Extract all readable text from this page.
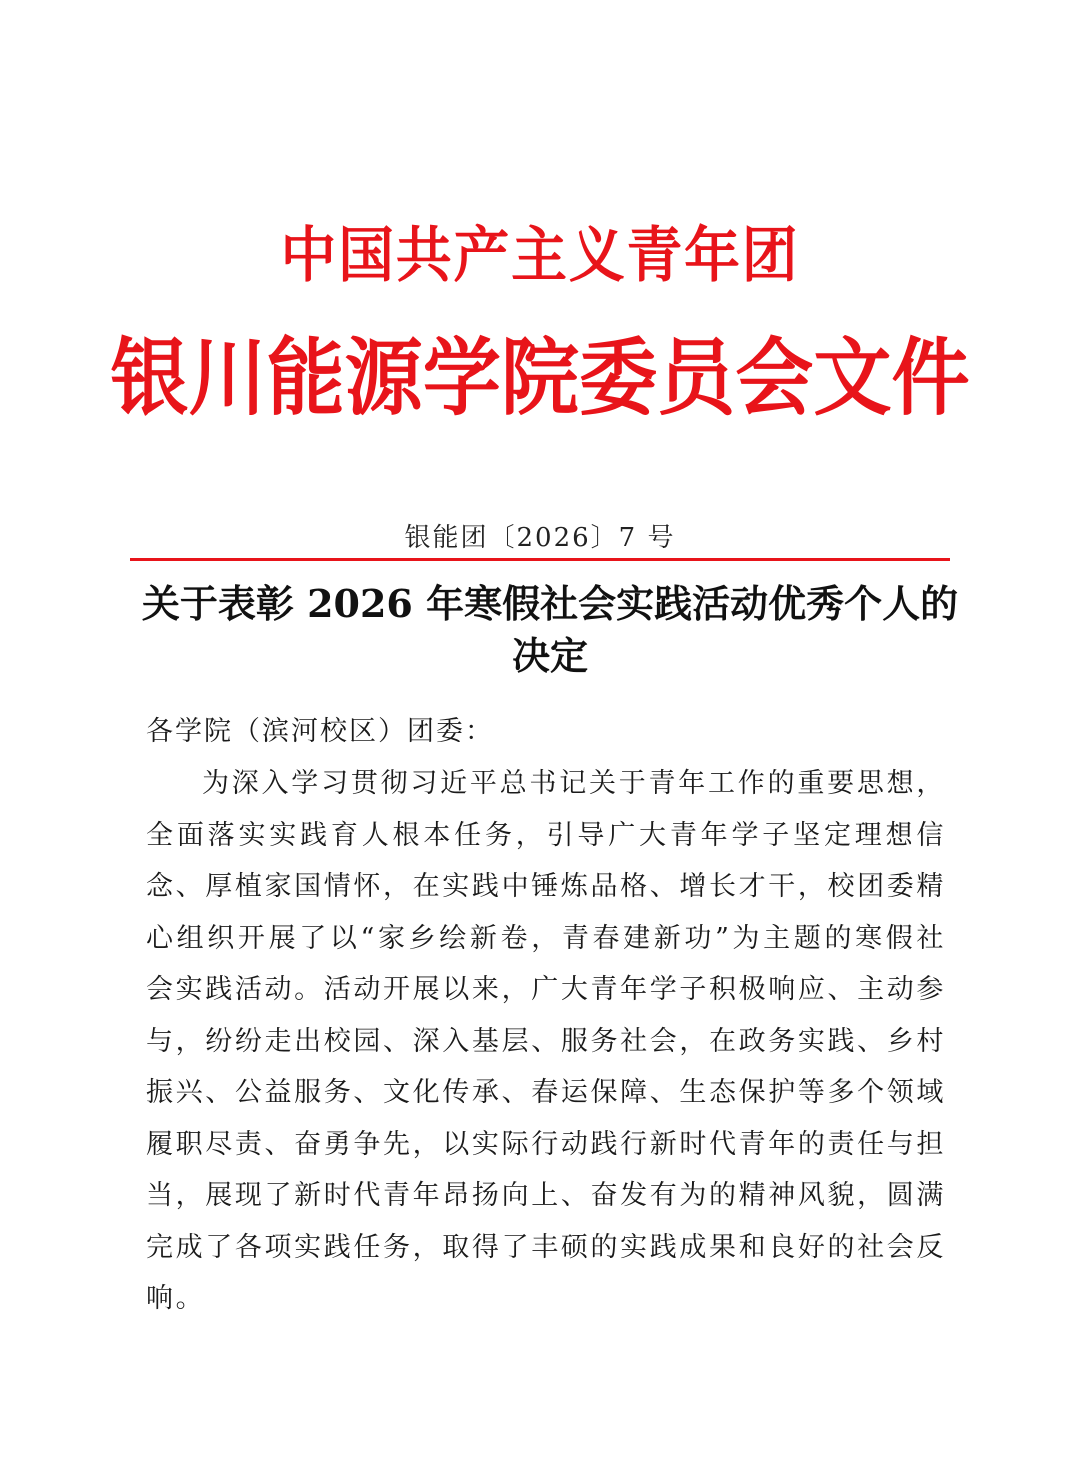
中国共产主义青年团
银川能源学院委员会文件
银能团〔2026〕7 号
关于表彰 2026 年寒假社会实践活动优秀个人的决定
各学院（滨河校区）团委：
为深入学习贯彻习近平总书记关于青年工作的重要思想，全面落实实践育人根本任务，引导广大青年学子坚定理想信念、厚植家国情怀，在实践中锤炼品格、增长才干，校团委精心组织开展了以“家乡绘新卷，青春建新功”为主题的寒假社会实践活动。活动开展以来，广大青年学子积极响应、主动参与，纷纷走出校园、深入基层、服务社会，在政务实践、乡村振兴、公益服务、文化传承、春运保障、生态保护等多个领域履职尽责、奋勇争先，以实际行动践行新时代青年的责任与担当，展现了新时代青年昂扬向上、奋发有为的精神风貌，圆满完成了各项实践任务，取得了丰硕的实践成果和良好的社会反响。
